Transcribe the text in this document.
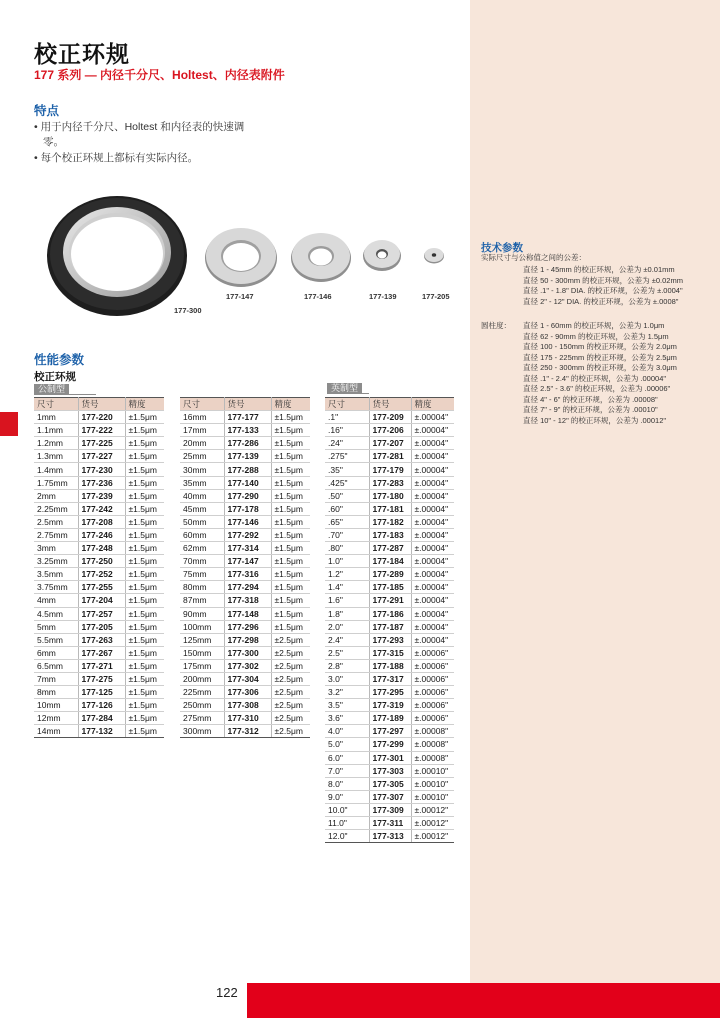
校正环规
177 系列 — 内径千分尺、Holtest、内径表附件
特点
• 用于内径千分尺、Holtest 和内径表的快速调零。
• 每个校正环规上都标有实际内径。
177-300
177-147	177-146	177-139	177-205
性能参数
校正环规
公制型	英制型
尺寸	货号	精度
1mm	177-220	±1.5μm
1.1mm	177-222	±1.5μm
1.2mm	177-225	±1.5μm
1.3mm	177-227	±1.5μm
1.4mm	177-230	±1.5μm
1.75mm	177-236	±1.5μm
2mm	177-239	±1.5μm
2.25mm	177-242	±1.5μm
2.5mm	177-208	±1.5μm
2.75mm	177-246	±1.5μm
3mm	177-248	±1.5μm
3.25mm	177-250	±1.5μm
3.5mm	177-252	±1.5μm
3.75mm	177-255	±1.5μm
4mm	177-204	±1.5μm
4.5mm	177-257	±1.5μm
5mm	177-205	±1.5μm
5.5mm	177-263	±1.5μm
6mm	177-267	±1.5μm
6.5mm	177-271	±1.5μm
7mm	177-275	±1.5μm
8mm	177-125	±1.5μm
10mm	177-126	±1.5μm
12mm	177-284	±1.5μm
14mm	177-132	±1.5μm
尺寸	货号	精度
16mm	177-177	±1.5μm
17mm	177-133	±1.5μm
20mm	177-286	±1.5μm
25mm	177-139	±1.5μm
30mm	177-288	±1.5μm
35mm	177-140	±1.5μm
40mm	177-290	±1.5μm
45mm	177-178	±1.5μm
50mm	177-146	±1.5μm
60mm	177-292	±1.5μm
62mm	177-314	±1.5μm
70mm	177-147	±1.5μm
75mm	177-316	±1.5μm
80mm	177-294	±1.5μm
87mm	177-318	±1.5μm
90mm	177-148	±1.5μm
100mm	177-296	±1.5μm
125mm	177-298	±2.5μm
150mm	177-300	±2.5μm
175mm	177-302	±2.5μm
200mm	177-304	±2.5μm
225mm	177-306	±2.5μm
250mm	177-308	±2.5μm
275mm	177-310	±2.5μm
300mm	177-312	±2.5μm
尺寸	货号	精度
.1"	177-209	±.00004"
.16"	177-206	±.00004"
.24"	177-207	±.00004"
.275"	177-281	±.00004"
.35"	177-179	±.00004"
.425"	177-283	±.00004"
.50"	177-180	±.00004"
.60"	177-181	±.00004"
.65"	177-182	±.00004"
.70"	177-183	±.00004"
.80"	177-287	±.00004"
1.0"	177-184	±.00004"
1.2"	177-289	±.00004"
1.4"	177-185	±.00004"
1.6"	177-291	±.00004"
1.8"	177-186	±.00004"
2.0"	177-187	±.00004"
2.4"	177-293	±.00004"
2.5"	177-315	±.00006"
2.8"	177-188	±.00006"
3.0"	177-317	±.00006"
3.2"	177-295	±.00006"
3.5"	177-319	±.00006"
3.6"	177-189	±.00006"
4.0"	177-297	±.00008"
5.0"	177-299	±.00008"
6.0"	177-301	±.00008"
7.0"	177-303	±.00010"
8.0"	177-305	±.00010"
9.0"	177-307	±.00010"
10.0"	177-309	±.00012"
11.0"	177-311	±.00012"
12.0"	177-313	±.00012"
技术参数
实际尺寸与公称值之间的公差：
直径 1 - 45mm 的校正环规，公差为 ±0.01mm
直径 50 - 300mm 的校正环规，公差为 ±0.02mm
直径 .1" - 1.8" DIA. 的校正环规，公差为 ±.0004"
直径 2" - 12" DIA. 的校正环规，公差为 ±.0008"
圆柱度： 直径 1 - 60mm 的校正环规，公差为 1.0μm
直径 62 - 90mm 的校正环规，公差为 1.5μm
直径 100 - 150mm 的校正环规，公差为 2.0μm
直径 175 - 225mm 的校正环规，公差为 2.5μm
直径 250 - 300mm 的校正环规，公差为 3.0μm
直径 .1" - 2.4" 的校正环规，公差为 .00004"
直径 2.5" - 3.6" 的校正环规，公差为 .00006"
直径 4" - 6" 的校正环规，公差为 .00008"
直径 7" - 9" 的校正环规，公差为 .00010"
直径 10" - 12" 的校正环规，公差为 .00012"
122
